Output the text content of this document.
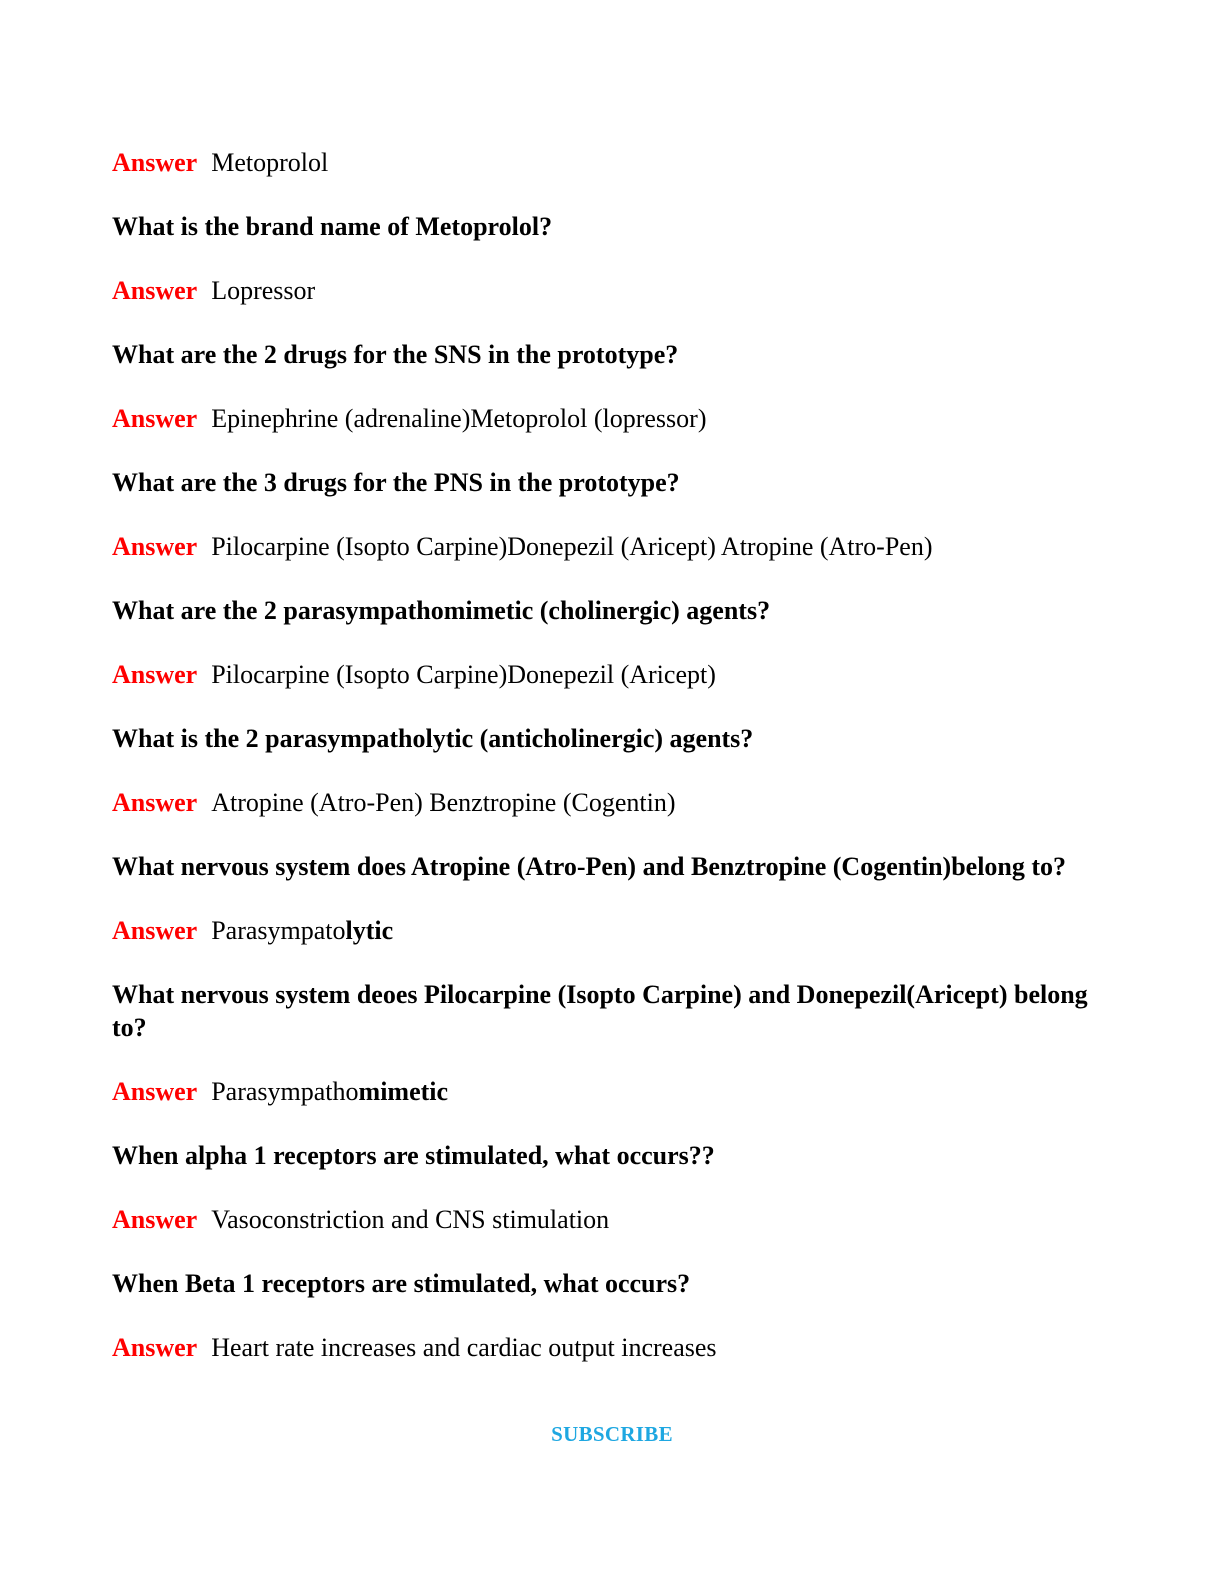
Answer Metoprolol

What is the brand name of Metoprolol?

Answer Lopressor

What are the 2 drugs for the SNS in the prototype?

Answer Epinephrine (adrenaline)Metoprolol (lopressor)

What are the 3 drugs for the PNS in the prototype?

Answer Pilocarpine (Isopto Carpine)Donepezil (Aricept) Atropine (Atro-Pen)

What are the 2 parasympathomimetic (cholinergic) agents?

Answer Pilocarpine (Isopto Carpine)Donepezil (Aricept)

What is the 2 parasympatholytic (anticholinergic) agents?

Answer Atropine (Atro-Pen) Benztropine (Cogentin)

What nervous system does Atropine (Atro-Pen) and Benztropine (Cogentin)belong to?

Answer Parasympatolytic

What nervous system deoes Pilocarpine (Isopto Carpine) and Donepezil(Aricept) belong to?

Answer Parasympathomimetic

When alpha 1 receptors are stimulated, what occurs??

Answer Vasoconstriction and CNS stimulation

When Beta 1 receptors are stimulated, what occurs?

Answer Heart rate increases and cardiac output increases

SUBSCRIBE
